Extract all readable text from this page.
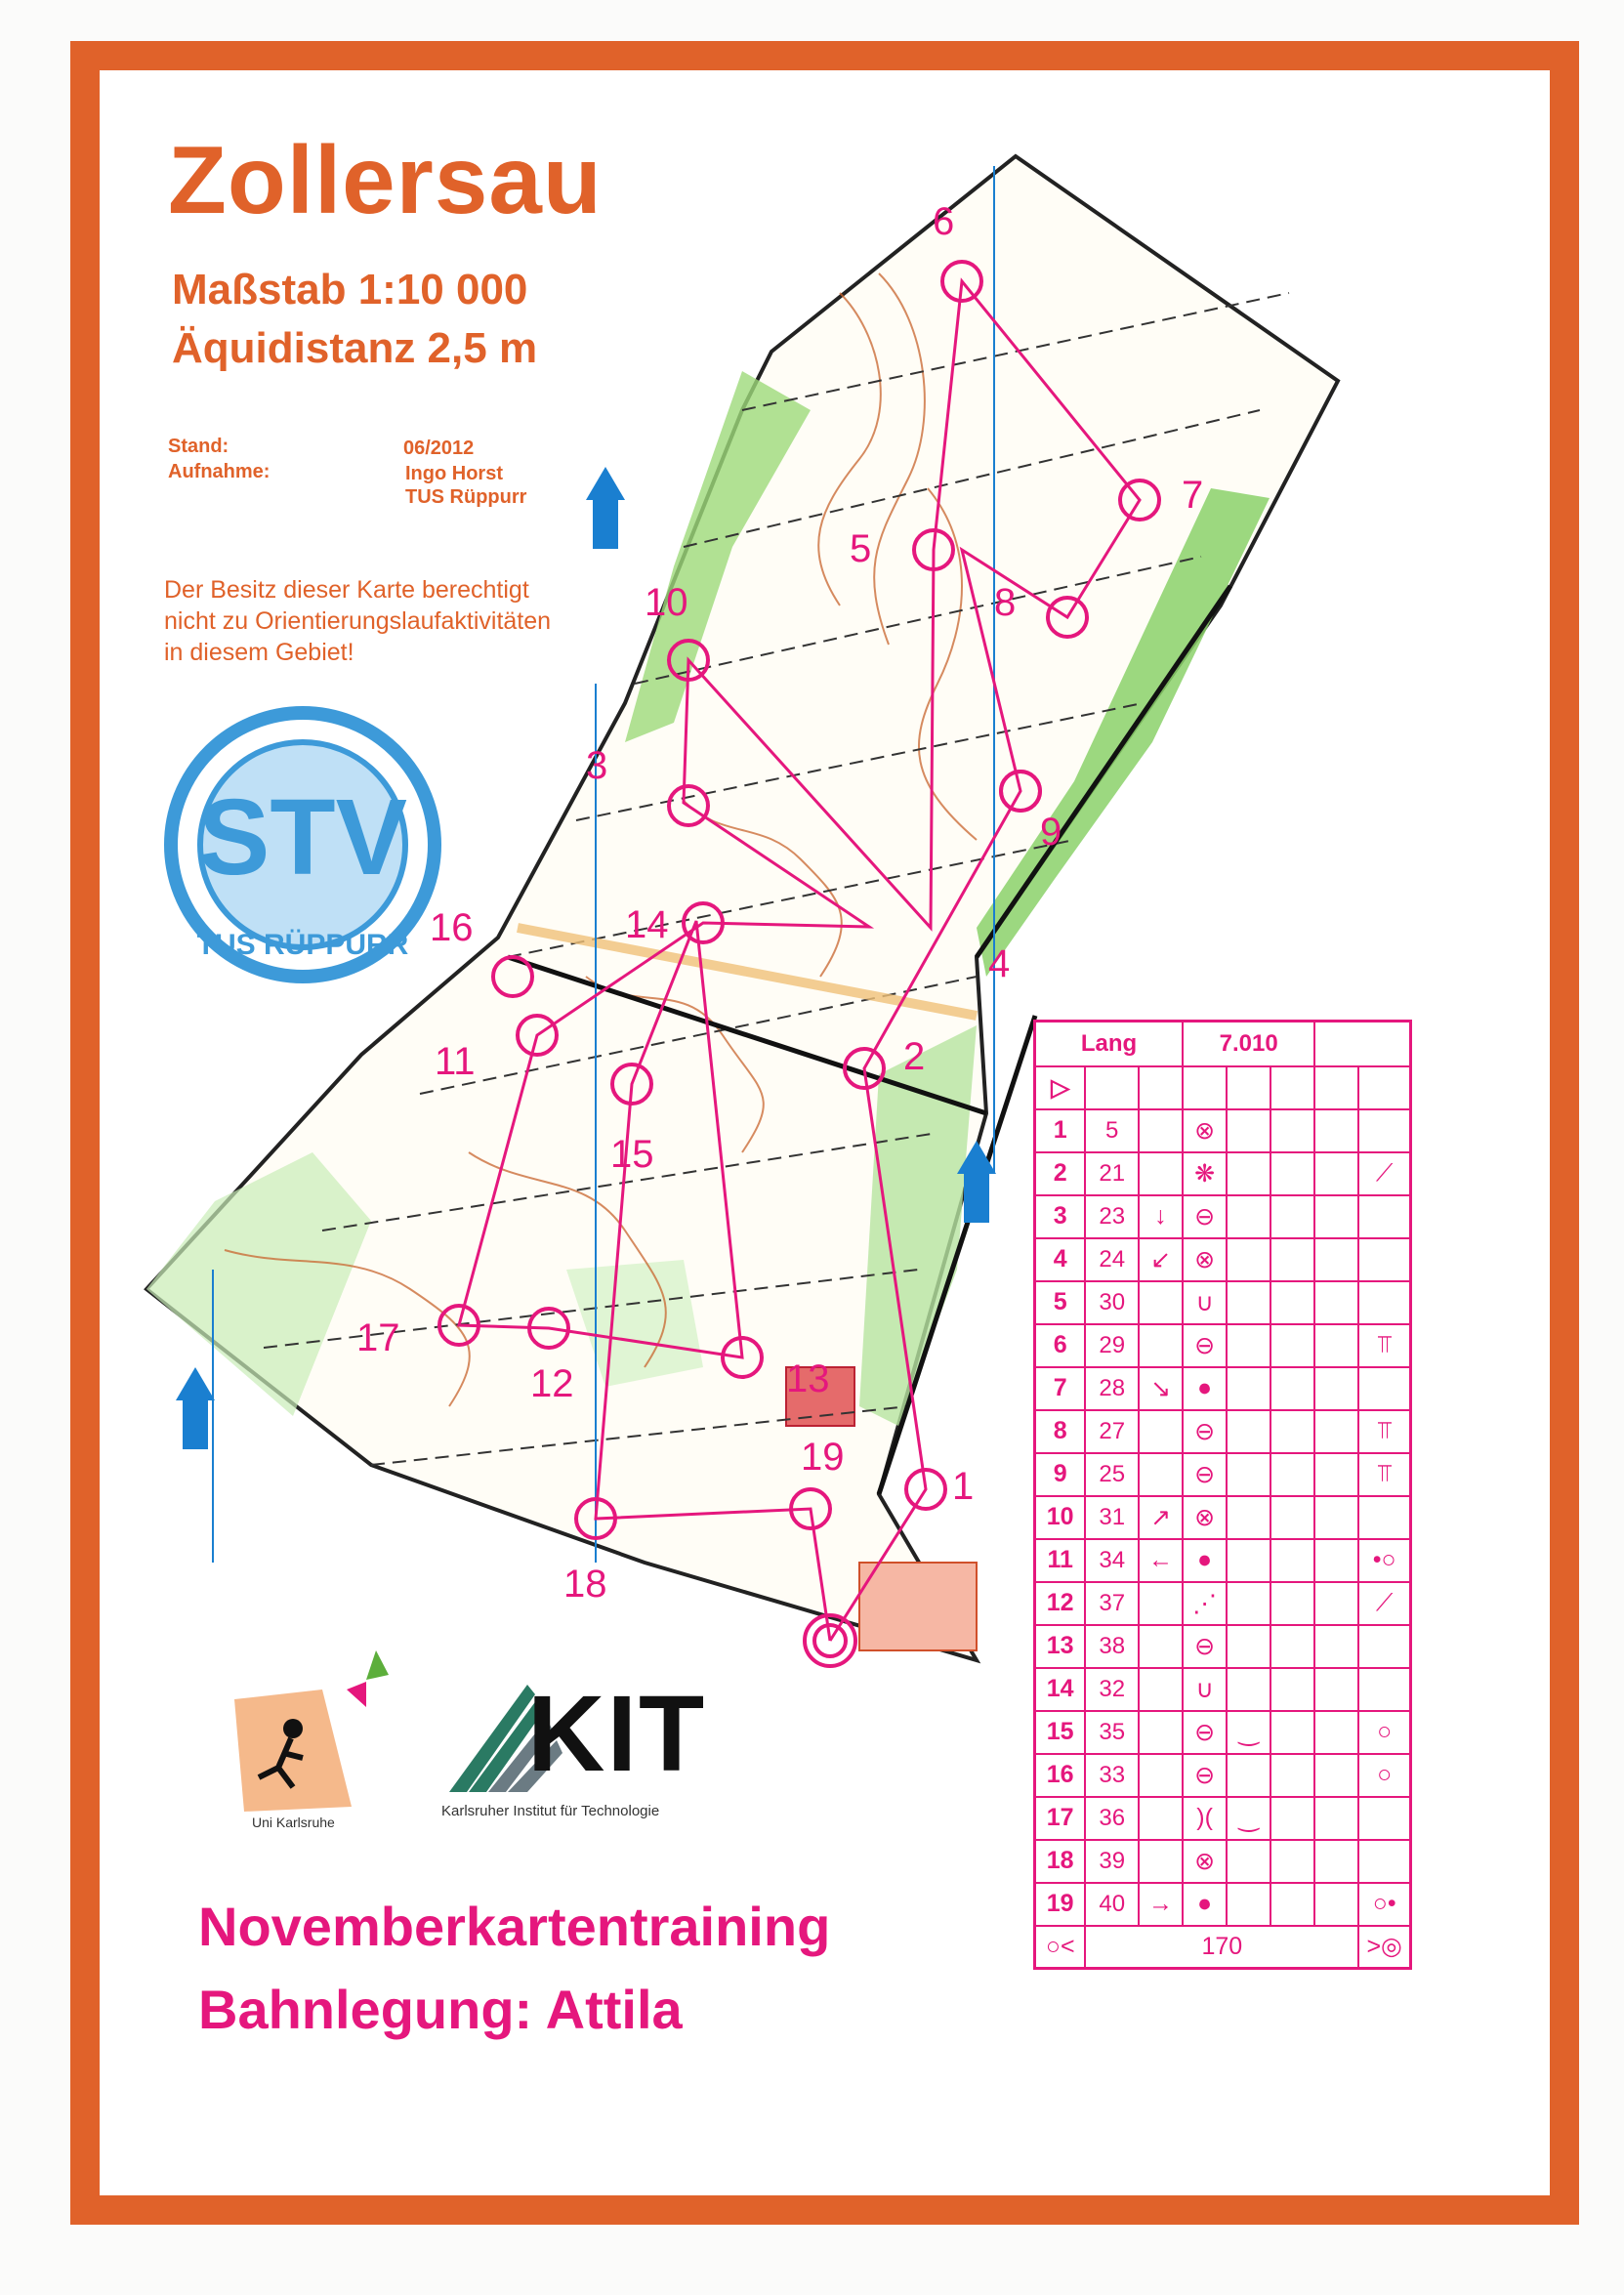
Zollersau

Maßstab 1:10 000

Äquidistanz 2,5 m

Stand:

Aufnahme:

06/2012

Ingo Horst

TUS Rüppurr

Der Besitz dieser Karte berechtigt

nicht zu Orientierungslaufaktivitäten

in diesem Gebiet!

STV
TUS RÜPPURR

KIT

Karlsruher Institut für Technologie

Uni Karlsruhe

Novemberkartentraining

Bahnlegung: Attila

1
2
3
4
5
6
7
8
9
10
11
12	13
14
15
16
17
18
19
Lang			7.010				
▷							
1	5		⊗				
2	21		❋				⟋
3	23	↓	⊖				
4	24	↙	⊗				
5	30		∪				
6	29		⊖				⫪
7	28	↘	●				
8	27		⊖				⫪
9	25		⊖				⫪
10	31	↗	⊗				
11	34	←	●				•○
12	37		⋰				⟋
13	38		⊖				
14	32		∪				
15	35		⊖	‿			○
16	33		⊖				○
17	36		)(	‿			
18	39		⊗				
19	40	→	●				○•
○<	170						>◎
